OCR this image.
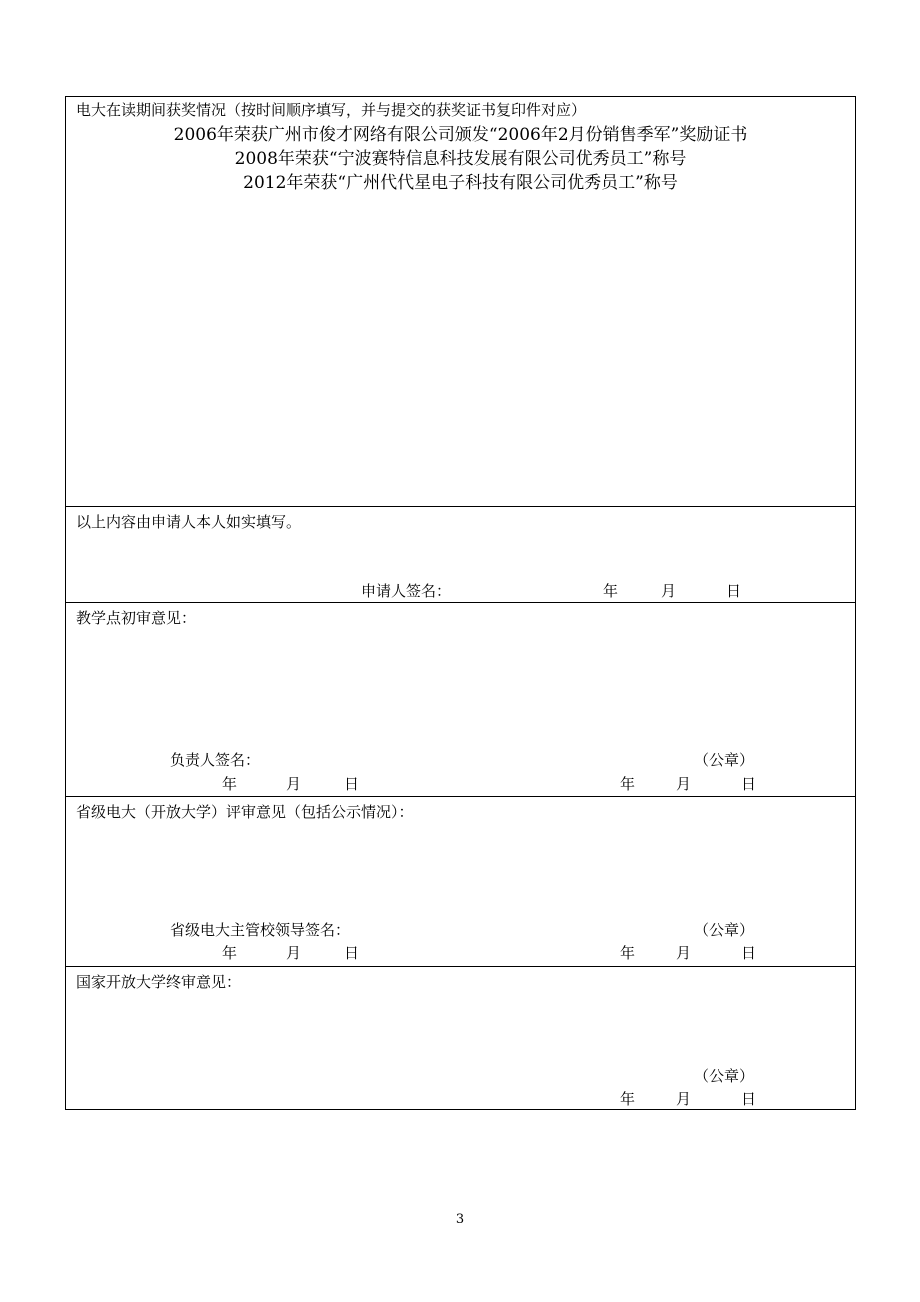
电大在读期间获奖情况（按时间顺序填写，并与提交的获奖证书复印件对应）
2006年荣获广州市俊才网络有限公司颁发“2006年2月份销售季军”奖励证书
2008年荣获“宁波赛特信息科技发展有限公司优秀员工”称号
2012年荣获“广州代代星电子科技有限公司优秀员工”称号
以上内容由申请人本人如实填写。
申请人签名：	年	月	日
教学点初审意见：
负责人签名：	（公章）
年	月	日	年	月	日
省级电大（开放大学）评审意见（包括公示情况）：
省级电大主管校领导签名：	（公章）
年	月	日	年	月	日
国家开放大学终审意见：
（公章）
年	月	日
3
